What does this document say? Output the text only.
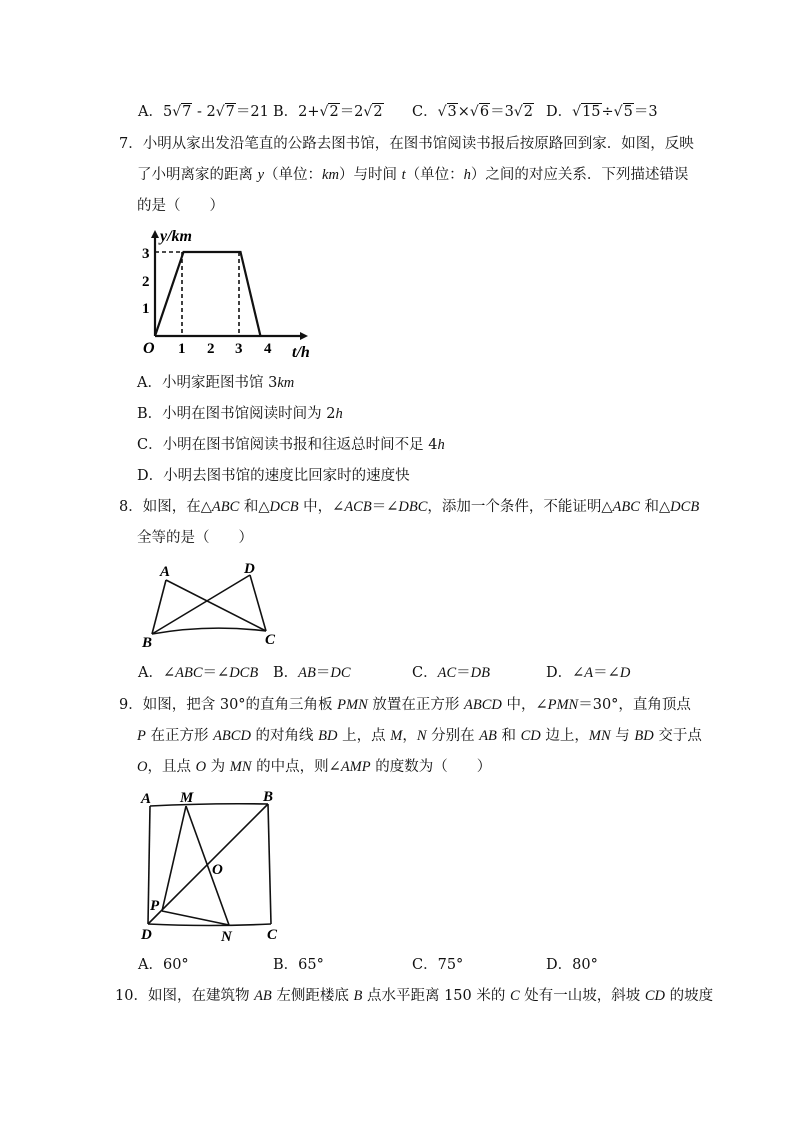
A．5√7 - 2√7＝21 B．2+√2＝2√2 C．√3×√6＝3√2 D．√15÷√5＝3
7．小明从家出发沿笔直的公路去图书馆，在图书馆阅读书报后按原路回到家．如图，反映
了小明离家的距离 y（单位：km）与时间 t（单位：h）之间的对应关系．下列描述错误
的是（　　）
y/km
3
2
1
O 1 2 3 4 t/h
A．小明家距图书馆 3km
B．小明在图书馆阅读时间为 2h
C．小明在图书馆阅读书报和往返总时间不足 4h
D．小明去图书馆的速度比回家时的速度快
8．如图，在△ABC 和△DCB 中，∠ACB＝∠DBC，添加一个条件，不能证明△ABC 和△DCB
全等的是（　　）
A	D
B	C
A．∠ABC＝∠DCB B．AB＝DC	C．AC＝DB	D．∠A＝∠D
9．如图，把含 30°的直角三角板 PMN 放置在正方形 ABCD 中，∠PMN＝30°，直角顶点
P 在正方形 ABCD 的对角线 BD 上，点 M，N 分别在 AB 和 CD 边上，MN 与 BD 交于点
O，且点 O 为 MN 的中点，则∠AMP 的度数为（　　）
A M	B
O
P
D	N C
A．60°	B．65°	C．75°	D．80°
10．如图，在建筑物 AB 左侧距楼底 B 点水平距离 150 米的 C 处有一山坡，斜坡 CD 的坡度
